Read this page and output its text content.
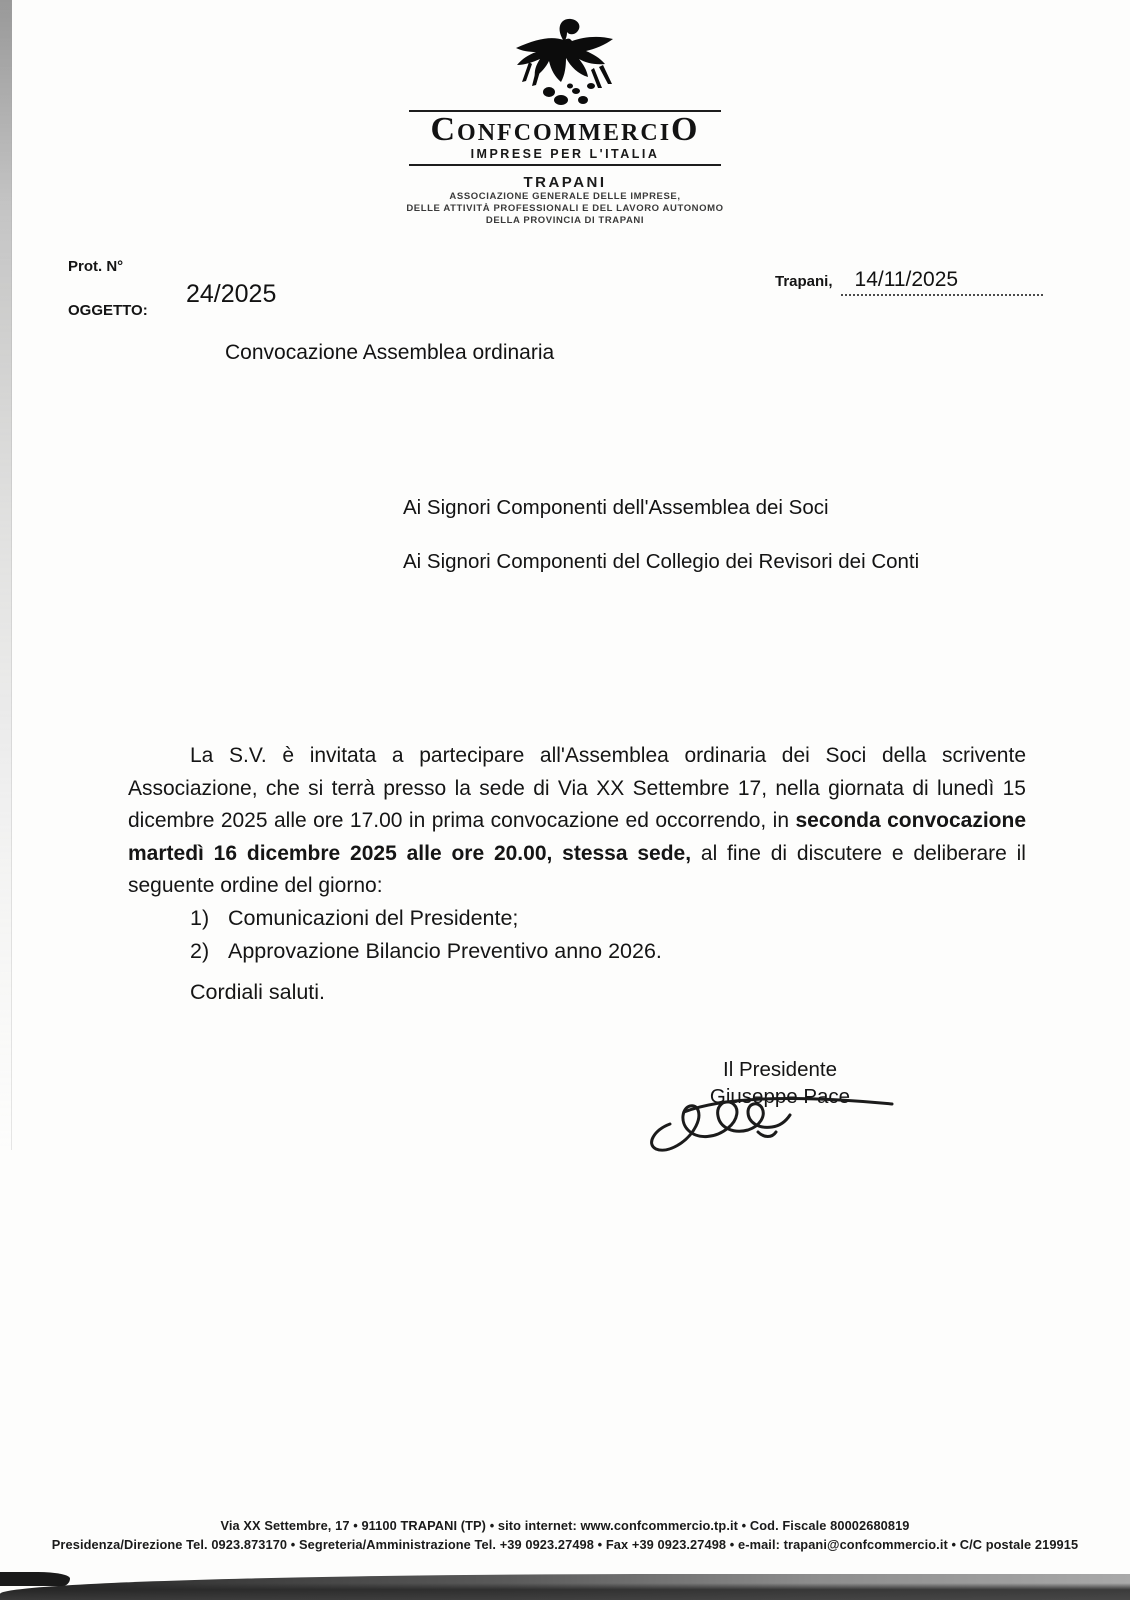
ConfcommerciO
IMPRESE PER L'ITALIA
TRAPANI
ASSOCIAZIONE GENERALE DELLE IMPRESE,
DELLE ATTIVITÀ PROFESSIONALI E DEL LAVORO AUTONOMO
DELLA PROVINCIA DI TRAPANI
Prot. N°
24/2025
OGGETTO:
Trapani, 14/11/2025
Convocazione Assemblea ordinaria
Ai Signori Componenti dell'Assemblea dei Soci
Ai Signori Componenti del Collegio dei Revisori dei Conti
La S.V. è invitata a partecipare all'Assemblea ordinaria dei Soci della scrivente Associazione, che si terrà presso la sede di Via XX Settembre 17, nella giornata di lunedì 15 dicembre 2025 alle ore 17.00 in prima convocazione ed occorrendo, in seconda convocazione martedì 16 dicembre 2025 alle ore 20.00, stessa sede, al fine di discutere e deliberare il seguente ordine del giorno:
1) Comunicazioni del Presidente;
2) Approvazione Bilancio Preventivo anno 2026.
Cordiali saluti.
Il Presidente
Giuseppe Pace
Via XX Settembre, 17 • 91100 TRAPANI (TP) • sito internet: www.confcommercio.tp.it • Cod. Fiscale 80002680819
Presidenza/Direzione Tel. 0923.873170 • Segreteria/Amministrazione Tel. +39 0923.27498 • Fax +39 0923.27498 • e-mail: trapani@confcommercio.it • C/C postale 219915
